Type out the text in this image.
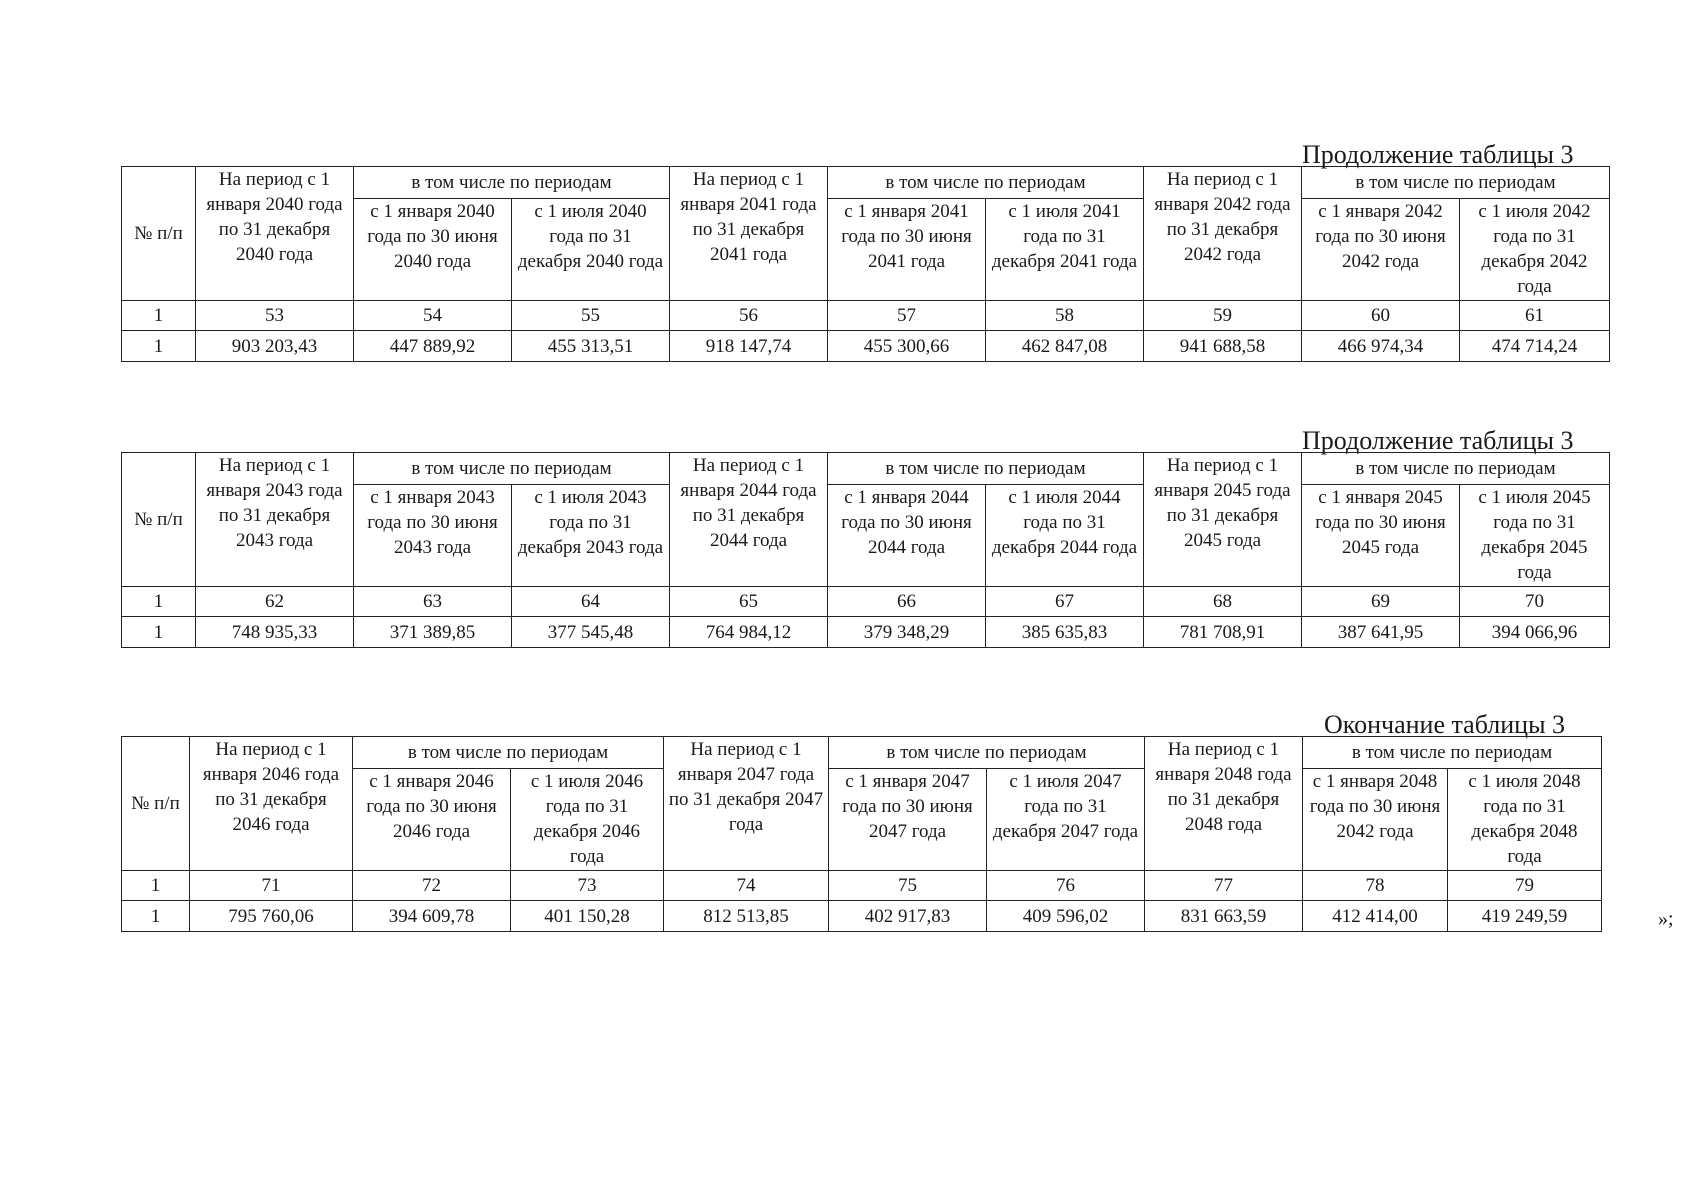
Продолжение таблицы 3
№ п/п	На период с 1 января 2040 года по 31 декабря 2040 года	в том числе по периодам		На период с 1 января 2041 года по 31 декабря 2041 года	в том числе по периодам		На период с 1 января 2042 года по 31 декабря 2042 года	в том числе по периодам	
		с 1 января 2040 года по 30 июня 2040 года	с 1 июля 2040 года по 31 декабря 2040 года		с 1 января 2041 года по 30 июня 2041 года	с 1 июля 2041 года по 31 декабря 2041 года		с 1 января 2042 года по 30 июня 2042 года	с 1 июля 2042 года по 31 декабря 2042 года
1	53	54	55	56	57	58	59	60	61
1	903 203,43	447 889,92	455 313,51	918 147,74	455 300,66	462 847,08	941 688,58	466 974,34	474 714,24
Продолжение таблицы 3
№ п/п	На период с 1 января 2043 года по 31 декабря 2043 года	в том числе по периодам		На период с 1 января 2044 года по 31 декабря 2044 года	в том числе по периодам		На период с 1 января 2045 года по 31 декабря 2045 года	в том числе по периодам	
		с 1 января 2043 года по 30 июня 2043 года	с 1 июля 2043 года по 31 декабря 2043 года		с 1 января 2044 года по 30 июня 2044 года	с 1 июля 2044 года по 31 декабря 2044 года		с 1 января 2045 года по 30 июня 2045 года	с 1 июля 2045 года по 31 декабря 2045 года
1	62	63	64	65	66	67	68	69	70
1	748 935,33	371 389,85	377 545,48	764 984,12	379 348,29	385 635,83	781 708,91	387 641,95	394 066,96
Окончание таблицы 3
№ п/п	На период с 1 января 2046 года по 31 декабря 2046 года	в том числе по периодам		На период с 1 января 2047 года по 31 декабря 2047 года	в том числе по периодам		На период с 1 января 2048 года по 31 декабря 2048 года	в том числе по периодам	
		с 1 января 2046 года по 30 июня 2046 года	с 1 июля 2046 года по 31 декабря 2046 года		с 1 января 2047 года по 30 июня 2047 года	с 1 июля 2047 года по 31 декабря 2047 года		с 1 января 2048 года по 30 июня 2042 года	с 1 июля 2048 года по 31 декабря 2048 года
1	71	72	73	74	75	76	77	78	79
1	795 760,06	394 609,78	401 150,28	812 513,85	402 917,83	409 596,02	831 663,59	412 414,00	419 249,59	»;
